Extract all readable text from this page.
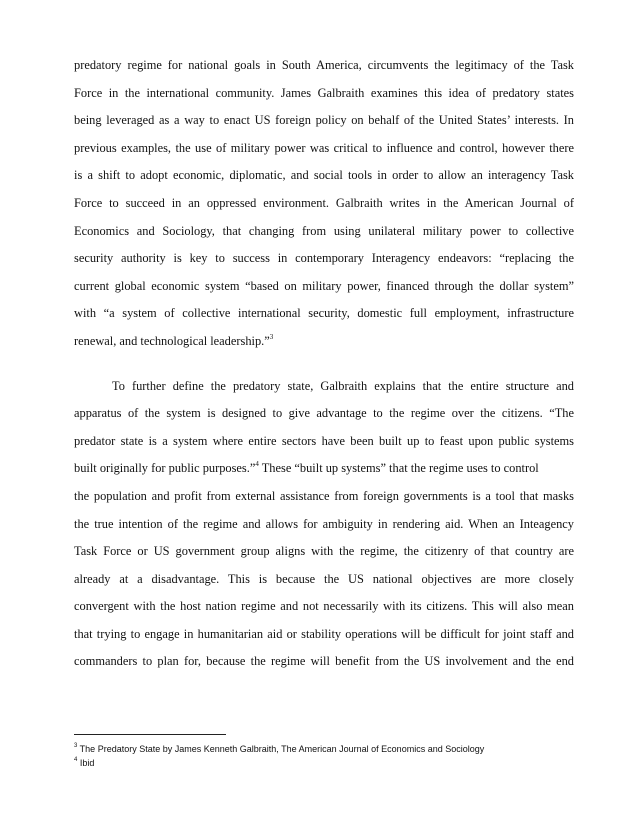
predatory regime for national goals in South America, circumvents the legitimacy of the Task
Force in the international community. James Galbraith examines this idea of predatory states
being leveraged as a way to enact US foreign policy on behalf of the United States’ interests. In
previous examples, the use of military power was critical to influence and control, however there
is a shift to adopt economic, diplomatic, and social tools in order to allow an interagency Task
Force to succeed in an oppressed environment. Galbraith writes in the American Journal of
Economics and Sociology, that changing from using unilateral military power to collective
security authority is key to success in contemporary Interagency endeavors: “replacing the
current global economic system “based on military power, financed through the dollar system”
with “a system of collective international security, domestic full employment, infrastructure
renewal, and technological leadership.”$^3$
To further define the predatory state, Galbraith explains that the entire structure and
apparatus of the system is designed to give advantage to the regime over the citizens. “The
predator state is a system where entire sectors have been built up to feast upon public systems
built originally for public purposes.”$^4$ These “built up systems” that the regime uses to control
the population and profit from external assistance from foreign governments is a tool that masks
the true intention of the regime and allows for ambiguity in rendering aid. When an Inteagency
Task Force or US government group aligns with the regime, the citizenry of that country are
already at a disadvantage. This is because the US national objectives are more closely
convergent with the host nation regime and not necessarily with its citizens. This will also mean
that trying to engage in humanitarian aid or stability operations will be difficult for joint staff and
commanders to plan for, because the regime will benefit from the US involvement and the end
$^3$ The Predatory State by James Kenneth Galbraith, The American Journal of Economics and Sociology
$^4$ Ibid
